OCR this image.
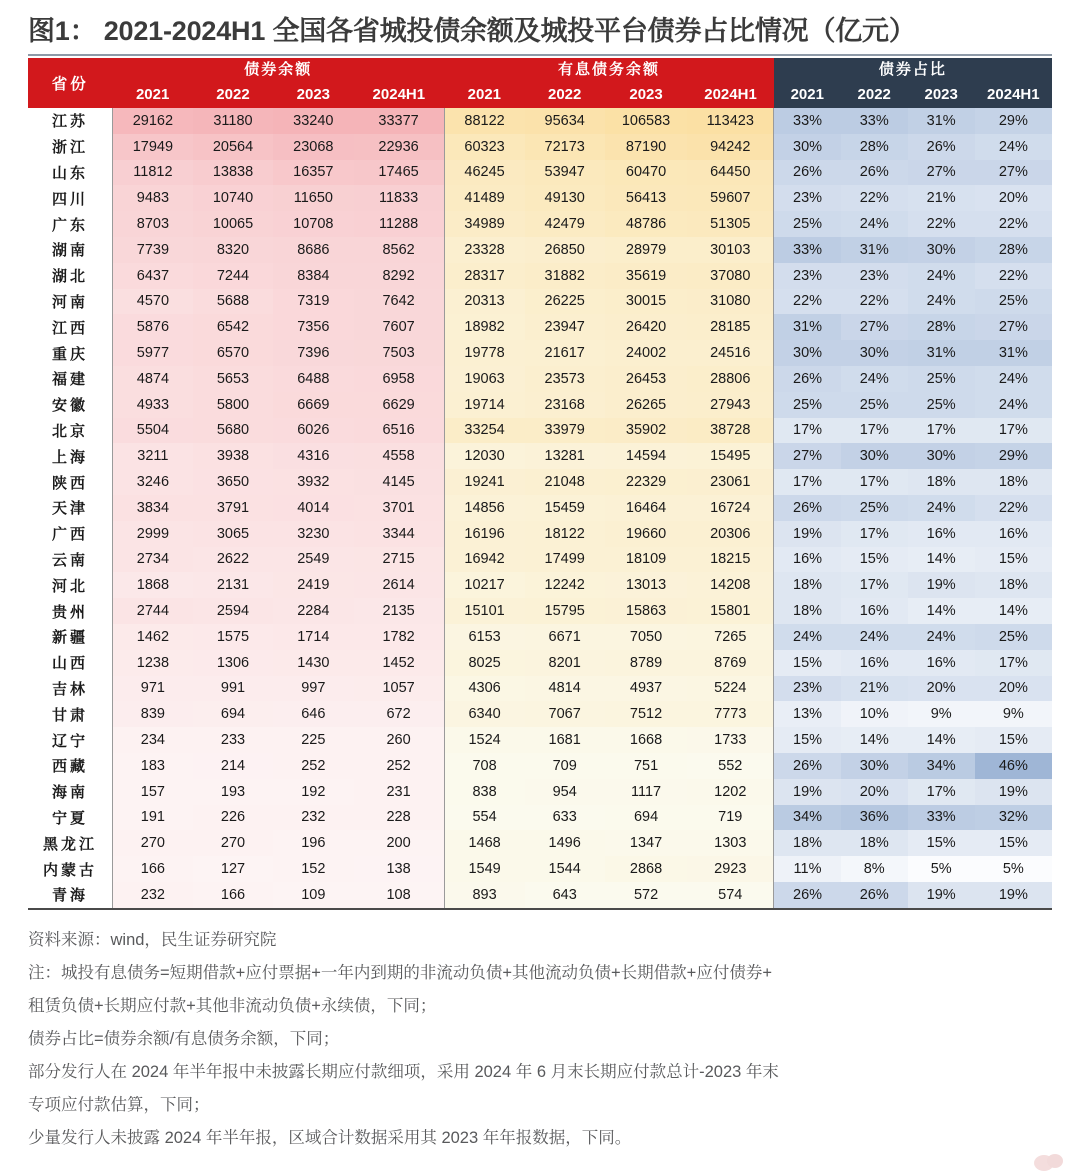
图1： 2021-2024H1 全国各省城投债余额及城投平台债券占比情况（亿元）
省份	债券余额				有息债务余额				债券占比			
	2021	2022	2023	2024H1	2021	2022	2023	2024H1	2021	2022	2023	2024H1
江苏	29162	31180	33240	33377	88122	95634	106583	113423	33%	33%	31%	29%
浙江	17949	20564	23068	22936	60323	72173	87190	94242	30%	28%	26%	24%
山东	11812	13838	16357	17465	46245	53947	60470	64450	26%	26%	27%	27%
四川	9483	10740	11650	11833	41489	49130	56413	59607	23%	22%	21%	20%
广东	8703	10065	10708	11288	34989	42479	48786	51305	25%	24%	22%	22%
湖南	7739	8320	8686	8562	23328	26850	28979	30103	33%	31%	30%	28%
湖北	6437	7244	8384	8292	28317	31882	35619	37080	23%	23%	24%	22%
河南	4570	5688	7319	7642	20313	26225	30015	31080	22%	22%	24%	25%
江西	5876	6542	7356	7607	18982	23947	26420	28185	31%	27%	28%	27%
重庆	5977	6570	7396	7503	19778	21617	24002	24516	30%	30%	31%	31%
福建	4874	5653	6488	6958	19063	23573	26453	28806	26%	24%	25%	24%
安徽	4933	5800	6669	6629	19714	23168	26265	27943	25%	25%	25%	24%
北京	5504	5680	6026	6516	33254	33979	35902	38728	17%	17%	17%	17%
上海	3211	3938	4316	4558	12030	13281	14594	15495	27%	30%	30%	29%
陕西	3246	3650	3932	4145	19241	21048	22329	23061	17%	17%	18%	18%
天津	3834	3791	4014	3701	14856	15459	16464	16724	26%	25%	24%	22%
广西	2999	3065	3230	3344	16196	18122	19660	20306	19%	17%	16%	16%
云南	2734	2622	2549	2715	16942	17499	18109	18215	16%	15%	14%	15%
河北	1868	2131	2419	2614	10217	12242	13013	14208	18%	17%	19%	18%
贵州	2744	2594	2284	2135	15101	15795	15863	15801	18%	16%	14%	14%
新疆	1462	1575	1714	1782	6153	6671	7050	7265	24%	24%	24%	25%
山西	1238	1306	1430	1452	8025	8201	8789	8769	15%	16%	16%	17%
吉林	971	991	997	1057	4306	4814	4937	5224	23%	21%	20%	20%
甘肃	839	694	646	672	6340	7067	7512	7773	13%	10%	9%	9%
辽宁	234	233	225	260	1524	1681	1668	1733	15%	14%	14%	15%
西藏	183	214	252	252	708	709	751	552	26%	30%	34%	46%
海南	157	193	192	231	838	954	1117	1202	19%	20%	17%	19%
宁夏	191	226	232	228	554	633	694	719	34%	36%	33%	32%
黑龙江	270	270	196	200	1468	1496	1347	1303	18%	18%	15%	15%
内蒙古	166	127	152	138	1549	1544	2868	2923	11%	8%	5%	5%
青海	232	166	109	108	893	643	572	574	26%	26%	19%	19%
资料来源：wind，民生证券研究院
注：城投有息债务=短期借款+应付票据+一年内到期的非流动负债+其他流动负债+长期借款+应付债券+
租赁负债+长期应付款+其他非流动负债+永续债，下同；
债券占比=债券余额/有息债务余额，下同；
部分发行人在 2024 年半年报中未披露长期应付款细项，采用 2024 年 6 月末长期应付款总计-2023 年末
专项应付款估算，下同；
少量发行人未披露 2024 年半年报，区域合计数据采用其 2023 年年报数据，下同。
